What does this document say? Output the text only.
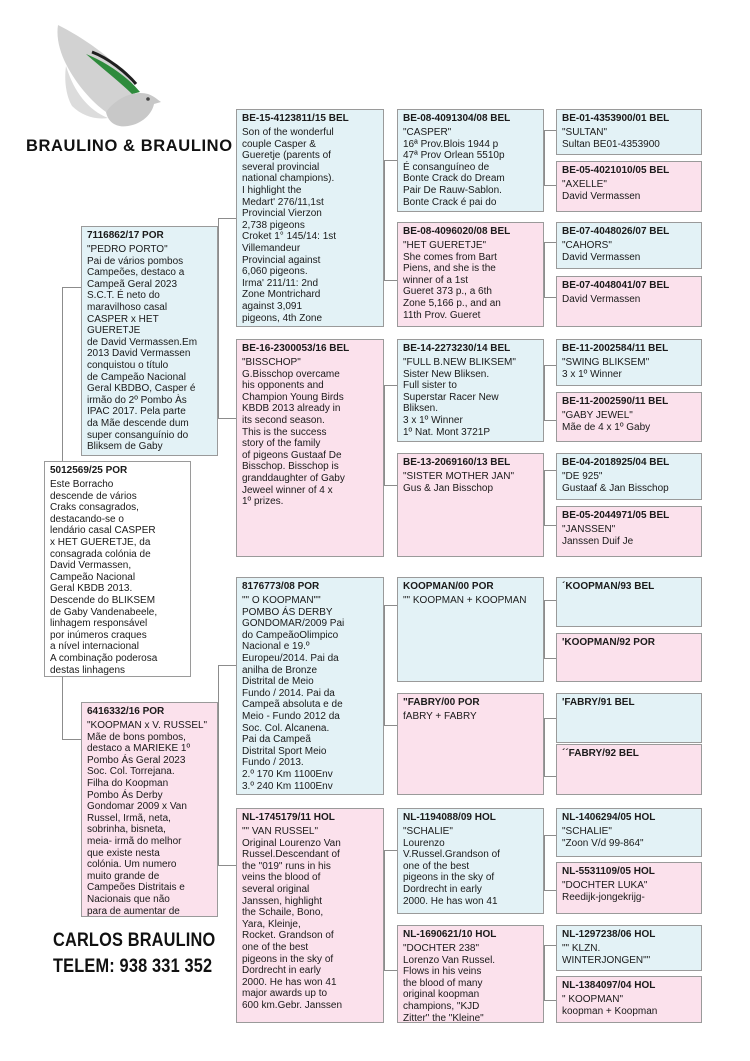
BRAULINO & BRAULINO
5012569/25 POR
Este Borracho
descende de vários
Craks consagrados,
destacando-se o
lendário casal CASPER
x HET GUERETJE, da
consagrada colónia de
David Vermassen,
Campeão Nacional
Geral KBDB 2013.
Descende do BLIKSEM
de Gaby Vandenabeele,
linhagem responsável
por inúmeros craques
a nível internacional
A combinação poderosa
destas linhagens
7116862/17 POR
"PEDRO PORTO"
Pai de vários pombos
Campeões, destaco a
Campeã Geral 2023
S.C.T. É neto do
maravilhoso casal
CASPER x HET GUERETJE
de David Vermassen.Em
2013 David Vermassen
conquistou o título
de Campeão Nacional
Geral KBDBO, Casper é
irmão do 2º Pombo Às
IPAC 2017. Pela parte
da Mãe descende dum
super consanguínio do
Bliksem de Gaby
6416332/16 POR
"KOOPMAN x V. RUSSEL"
Mãe de bons pombos,
destaco a MARIEKE 1º
Pombo Ás Geral 2023
Soc. Col. Torrejana.
Filha do Koopman
Pombo Ás Derby
Gondomar 2009 x Van
Russel, Irmã, neta,
sobrinha, bisneta,
meia- irmã do melhor
que existe nesta
colónia. Um numero
muito grande de
Campeões Distritais e
Nacionais que não
para de aumentar de
BE-15-4123811/15 BEL
Son of the wonderful
couple Casper &
Gueretje (parents of
several provincial
national champions).
I highlight the
Medart' 276/11,1st
Provincial Vierzon
2,738 pigeons
Croket 1° 145/14: 1st
Villemandeur
Provincial against
6,060 pigeons.
Irma' 211/11: 2nd
Zone Montrichard
against 3,091
pigeons, 4th Zone
BE-16-2300053/16 BEL
"BISSCHOP"
G.Bisschop overcame
his opponents and
Champion Young Birds
KBDB 2013 already in
its second season.
This is the success
story of the family
of pigeons Gustaaf De
Bisschop. Bisschop is
granddaughter of Gaby
Jeweel winner of 4 x
1º prizes.
8176773/08 POR
"" O KOOPMAN""
POMBO ÁS DERBY
GONDOMAR/2009 Pai
do CampeãoOlimpico
Nacional e 19.º
Europeu/2014. Pai da
anilha de Bronze
Distrital de Meio
Fundo / 2014. Pai da
Campeã absoluta e de
Meio - Fundo 2012 da
Soc. Col. Alcanena.
Pai da Campeã
Distrital Sport Meio
Fundo / 2013.
2.º 170 Km 1100Env
3.º 240 Km 1100Env
NL-1745179/11 HOL
"" VAN RUSSEL"
Original Lourenzo Van
Russel.Descendant of
the "019" runs in his
veins the blood of
several original
Janssen, highlight
the Schaile, Bono,
Yara, Kleinje,
Rocket. Grandson of
one of the best
pigeons in the sky of
Dordrecht in early
2000. He has won 41
major awards up to
600 km.Gebr. Janssen
BE-08-4091304/08 BEL
"CASPER"
16ª Prov.Blois 1944 p
47ª Prov Orlean 5510p
É consanguíneo de
Bonte Crack do Dream
Pair De Rauw-Sablon.
Bonte Crack é pai do
BE-08-4096020/08 BEL
"HET GUERETJE"
She comes from Bart
Piens, and she is the
winner of a 1st
Gueret 373 p., a 6th
Zone 5,166 p., and an
11th Prov. Gueret
BE-14-2273230/14 BEL
"FULL B.NEW BLIKSEM"
Sister New Bliksen.
Full sister to
Superstar Racer New
Bliksen.
3 x 1º Winner
1º Nat. Mont 3721P
BE-13-2069160/13 BEL
"SISTER MOTHER JAN"
Gus & Jan Bisschop
KOOPMAN/00 POR
"" KOOPMAN + KOOPMAN
"FABRY/00 POR
fABRY + FABRY
NL-1194088/09 HOL
"SCHALIE"
Lourenzo
V.Russel.Grandson of
one of the best
pigeons in the sky of
Dordrecht in early
2000. He has won 41
NL-1690621/10 HOL
"DOCHTER 238"
Lorenzo Van Russel.
Flows in his veins
the blood of many
original koopman
champions, "KJD
Zitter" the "Kleine"
BE-01-4353900/01 BEL
"SULTAN"
Sultan BE01-4353900
BE-05-4021010/05 BEL
"AXELLE"
David Vermassen
BE-07-4048026/07 BEL
"CAHORS"
David Vermassen
BE-07-4048041/07 BEL
David Vermassen
BE-11-2002584/11 BEL
"SWING BLIKSEM"
3 x 1º Winner
BE-11-2002590/11 BEL
"GABY JEWEL"
Mãe de 4 x 1º Gaby
BE-04-2018925/04 BEL
"DE 925"
Gustaaf & Jan Bisschop
BE-05-2044971/05 BEL
"JANSSEN"
Janssen Duif Je
´KOOPMAN/93 BEL
'KOOPMAN/92 POR
'FABRY/91 BEL
´´FABRY/92 BEL
NL-1406294/05 HOL
"SCHALIE"
"Zoon V/d 99-864"
NL-5531109/05 HOL
"DOCHTER LUKA"
Reedijk-jongekrijg-
NL-1297238/06 HOL
"" KLZN.
WINTERJONGEN""
NL-1384097/04 HOL
" KOOPMAN"
koopman + Koopman
CARLOS BRAULINO
TELEM: 938 331 352
